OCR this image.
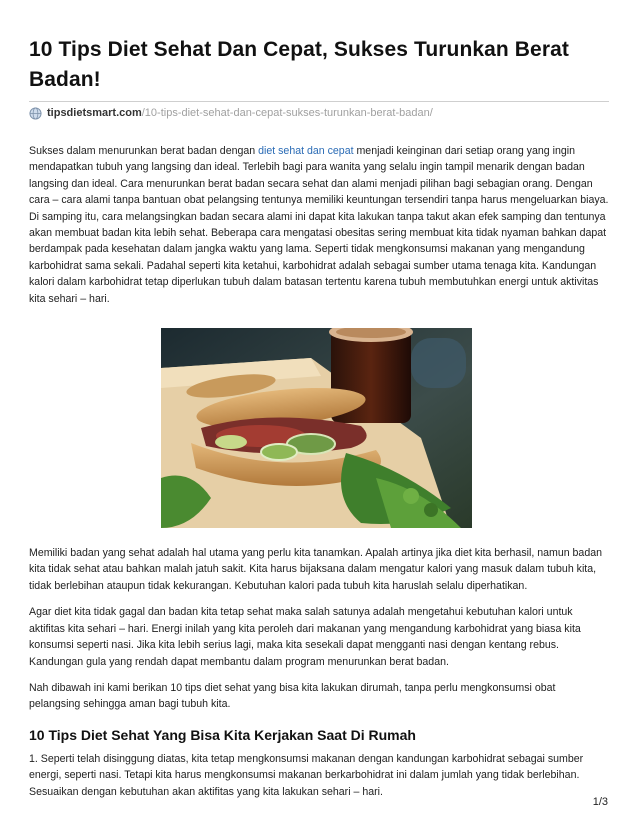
10 Tips Diet Sehat Dan Cepat, Sukses Turunkan Berat Badan!
tipsdietsmart.com /10-tips-diet-sehat-dan-cepat-sukses-turunkan-berat-badan/

Sukses dalam menurunkan berat badan dengan diet sehat dan cepat menjadi keinginan dari setiap orang yang ingin mendapatkan tubuh yang langsing dan ideal. Terlebih bagi para wanita yang selalu ingin tampil menarik dengan badan langsing dan ideal. Cara menurunkan berat badan secara sehat dan alami menjadi pilihan bagi sebagian orang. Dengan cara – cara alami tanpa bantuan obat pelangsing tentunya memiliki keuntungan tersendiri tanpa harus mengeluarkan biaya. Di samping itu, cara melangsingkan badan secara alami ini dapat kita lakukan tanpa takut akan efek samping dan tentunya akan membuat badan kita lebih sehat. Beberapa cara mengatasi obesitas sering membuat kita tidak nyaman bahkan dapat berdampak pada kesehatan dalam jangka waktu yang lama. Seperti tidak mengkonsumsi makanan yang mengandung karbohidrat sama sekali. Padahal seperti kita ketahui, karbohidrat adalah sebagai sumber utama tenaga kita. Kandungan kalori dalam karbohidrat tetap diperlukan tubuh dalam batasan tertentu karena tubuh membutuhkan energi untuk aktivitas kita sehari – hari.

Memiliki badan yang sehat adalah hal utama yang perlu kita tanamkan. Apalah artinya jika diet kita berhasil, namun badan kita tidak sehat atau bahkan malah jatuh sakit. Kita harus bijaksana dalam mengatur kalori yang masuk dalam tubuh kita, tidak berlebihan ataupun tidak kekurangan. Kebutuhan kalori pada tubuh kita haruslah selalu diperhatikan.

Agar diet kita tidak gagal dan badan kita tetap sehat maka salah satunya adalah mengetahui kebutuhan kalori untuk aktifitas kita sehari – hari. Energi inilah yang kita peroleh dari makanan yang mengandung karbohidrat yang biasa kita konsumsi seperti nasi. Jika kita lebih serius lagi, maka kita sesekali dapat mengganti nasi dengan kentang rebus. Kandungan gula yang rendah dapat membantu dalam program menurunkan berat badan.

Nah dibawah ini kami berikan 10 tips diet sehat yang bisa kita lakukan dirumah, tanpa perlu mengkonsumsi obat pelangsing sehingga aman bagi tubuh kita.

10 Tips Diet Sehat Yang Bisa Kita Kerjakan Saat Di Rumah

1. Seperti telah disinggung diatas, kita tetap mengkonsumsi makanan dengan kandungan karbohidrat sebagai sumber energi, seperti nasi. Tetapi kita harus mengkonsumsi makanan berkarbohidrat ini dalam jumlah yang tidak berlebihan. Sesuaikan dengan kebutuhan akan aktifitas yang kita lakukan sehari – hari.

1/3
